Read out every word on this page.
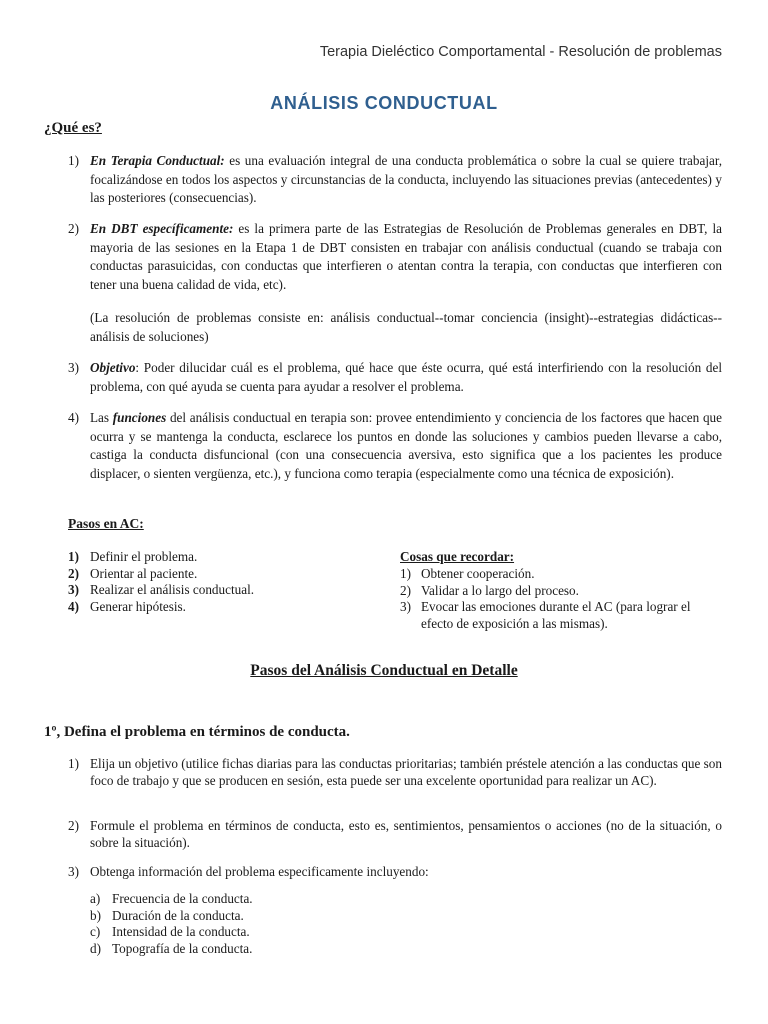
Terapia Dieléctico Comportamental - Resolución de problemas
ANÁLISIS CONDUCTUAL
¿Qué es?
1) En Terapia Conductual: es una evaluación integral de una conducta problemática o sobre la cual se quiere trabajar, focalizándose en todos los aspectos y circunstancias de la conducta, incluyendo las situaciones previas (antecedentes) y las posteriores (consecuencias).
2) En DBT específicamente: es la primera parte de las Estrategias de Resolución de Problemas generales en DBT, la mayoria de las sesiones en la Etapa 1 de DBT consisten en trabajar con análisis conductual (cuando se trabaja con conductas parasuicidas, con conductas que interfieren o atentan contra la terapia, con conductas que interfieren con tener una buena calidad de vida, etc).
(La resolución de problemas consiste en: análisis conductual--tomar conciencia (insight)--estrategias didácticas--análisis de soluciones)
3) Objetivo: Poder dilucidar cuál es el problema, qué hace que éste ocurra, qué está interfiriendo con la resolución del problema, con qué ayuda se cuenta para ayudar a resolver el problema.
4) Las funciones del análisis conductual en terapia son: provee entendimiento y conciencia de los factores que hacen que ocurra y se mantenga la conducta, esclarece los puntos en donde las soluciones y cambios pueden llevarse a cabo, castiga la conducta disfuncional (con una consecuencia aversiva, esto significa que a los pacientes les produce displacer, o sienten vergüenza, etc.), y funciona como terapia (especialmente como una técnica de exposición).
Pasos en AC:
1) Definir el problema.
2) Orientar al paciente.
3) Realizar el análisis conductual.
4) Generar hipótesis.
Cosas que recordar:
1) Obtener cooperación.
2) Validar a lo largo del proceso.
3) Evocar las emociones durante el AC (para lograr el efecto de exposición a las mismas).
Pasos del Análisis Conductual en Detalle
1º, Defina el problema en términos de conducta.
1) Elija un objetivo (utilice fichas diarias para las conductas prioritarias; también préstele atención a las conductas que son foco de trabajo y que se producen en sesión, esta puede ser una excelente oportunidad para realizar un AC).
2) Formule el problema en términos de conducta, esto es, sentimientos, pensamientos o acciones (no de la situación, o sobre la situación).
3) Obtenga información del problema especificamente incluyendo:
a) Frecuencia de la conducta.
b) Duración de la conducta.
c) Intensidad de la conducta.
d) Topografía de la conducta.
